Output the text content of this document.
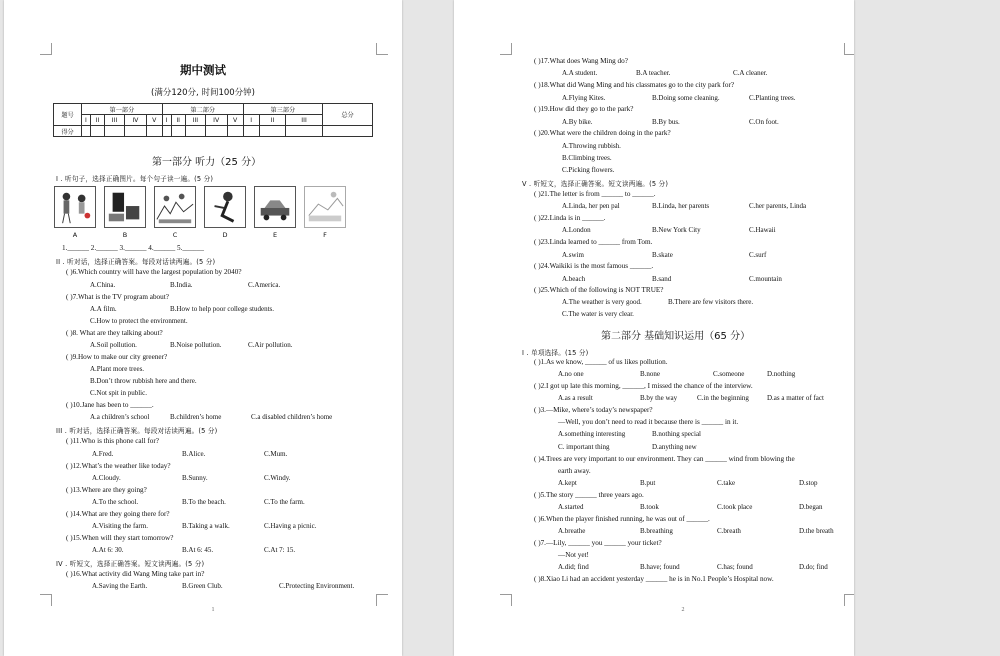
期中测试
(满分120分, 时间100分钟)
题号	第一部分					第二部分					第三部分			总分
	I	II	III	IV	V	I	II	III	IV	V	I	II	III	
得分														
第一部分 听力（25 分）
I . 听句子，选择正确图片。每个句子读一遍。(5 分)
A	B	C	D	E	F
1.______ 2.______ 3.______ 4.______ 5.______
II . 听对话，选择正确答案。每段对话读两遍。(5 分)
( )6.Which country will have the largest population by 2040?
A.China.	B.India.	C.America.
( )7.What is the TV program about?
A.A film.	B.How to help poor college students.
C.How to protect the environment.
( )8. What are they talking about?
A.Soil pollution.	B.Noise pollution.	C.Air pollution.
( )9.How to make our city greener?
A.Plant more trees.
B.Don’t throw rubbish here and there.
C.Not spit in public.
( )10.Jane has been to ______.
A.a children’s school	B.children’s home	C.a disabled children’s home
III . 听对话，选择正确答案。每段对话读两遍。(5 分)
( )11.Who is this phone call for?
A.Fred.	B.Alice.	C.Mum.
( )12.What’s the weather like today?
A.Cloudy.	B.Sunny.	C.Windy.
( )13.Where are they going?
A.To the school.	B.To the beach.	C.To the farm.
( )14.What are they going there for?
A.Visiting the farm.	B.Taking a walk.	C.Having a picnic.
( )15.When will they start tomorrow?
A.At 6: 30.	B.At 6: 45.	C.At 7: 15.
IV . 听短文，选择正确答案。短文读两遍。(5 分)
( )16.What activity did Wang Ming take part in?
A.Saving the Earth.	B.Green Club.	C.Protecting Environment.
1
( )17.What does Wang Ming do?
A.A student.	B.A teacher.	C.A cleaner.
( )18.What did Wang Ming and his classmates go to the city park for?
A.Flying Kites.	B.Doing some cleaning.	C.Planting trees.
( )19.How did they go to the park?
A.By bike.	B.By bus.	C.On foot.
( )20.What were the children doing in the park?
A.Throwing rubbish.
B.Climbing trees.
C.Picking flowers.
V . 听短文，选择正确答案。短文读两遍。(5 分)
( )21.The letter is from ______ to ______.
A.Linda, her pen pal	B.Linda, her parents	C.her parents, Linda
( )22.Linda is in ______.
A.London	B.New York City	C.Hawaii
( )23.Linda learned to ______ from Tom.
A.swim	B.skate	C.surf
( )24.Waikiki is the most famous ______.
A.beach	B.sand	C.mountain
( )25.Which of the following is NOT TRUE?
A.The weather is very good.	B.There are few visitors there.
C.The water is very clear.
第二部分 基础知识运用（65 分）
I . 单项选择。(15 分)
( )1.As we know, ______ of us likes pollution.
A.no one	B.none	C.someone	D.nothing
( )2.I got up late this morning, ______, I missed the chance of the interview.
A.as a result	B.by the way	C.in the beginning	D.as a matter of fact
( )3.—Mike, where’s today’s newspaper?
—Well, you don’t need to read it because there is ______ in it.
A.something interesting	B.nothing special
C. important thing	D.anything new
( )4.Trees are very important to our environment. They can ______ wind from blowing the
earth away.
A.kept	B.put	C.take	D.stop
( )5.The story ______ three years ago.
A.started	B.took	C.took place	D.began
( )6.When the player finished running, he was out of ______.
A.breathe	B.breathing	C.breath	D.the breath
( )7.—Lily, ______ you ______ your ticket?
—Not yet!
A.did; find	B.have; found	C.has; found	D.do; find
( )8.Xiao Li had an accident yesterday ______ he is in No.1 People’s Hospital now.
2
